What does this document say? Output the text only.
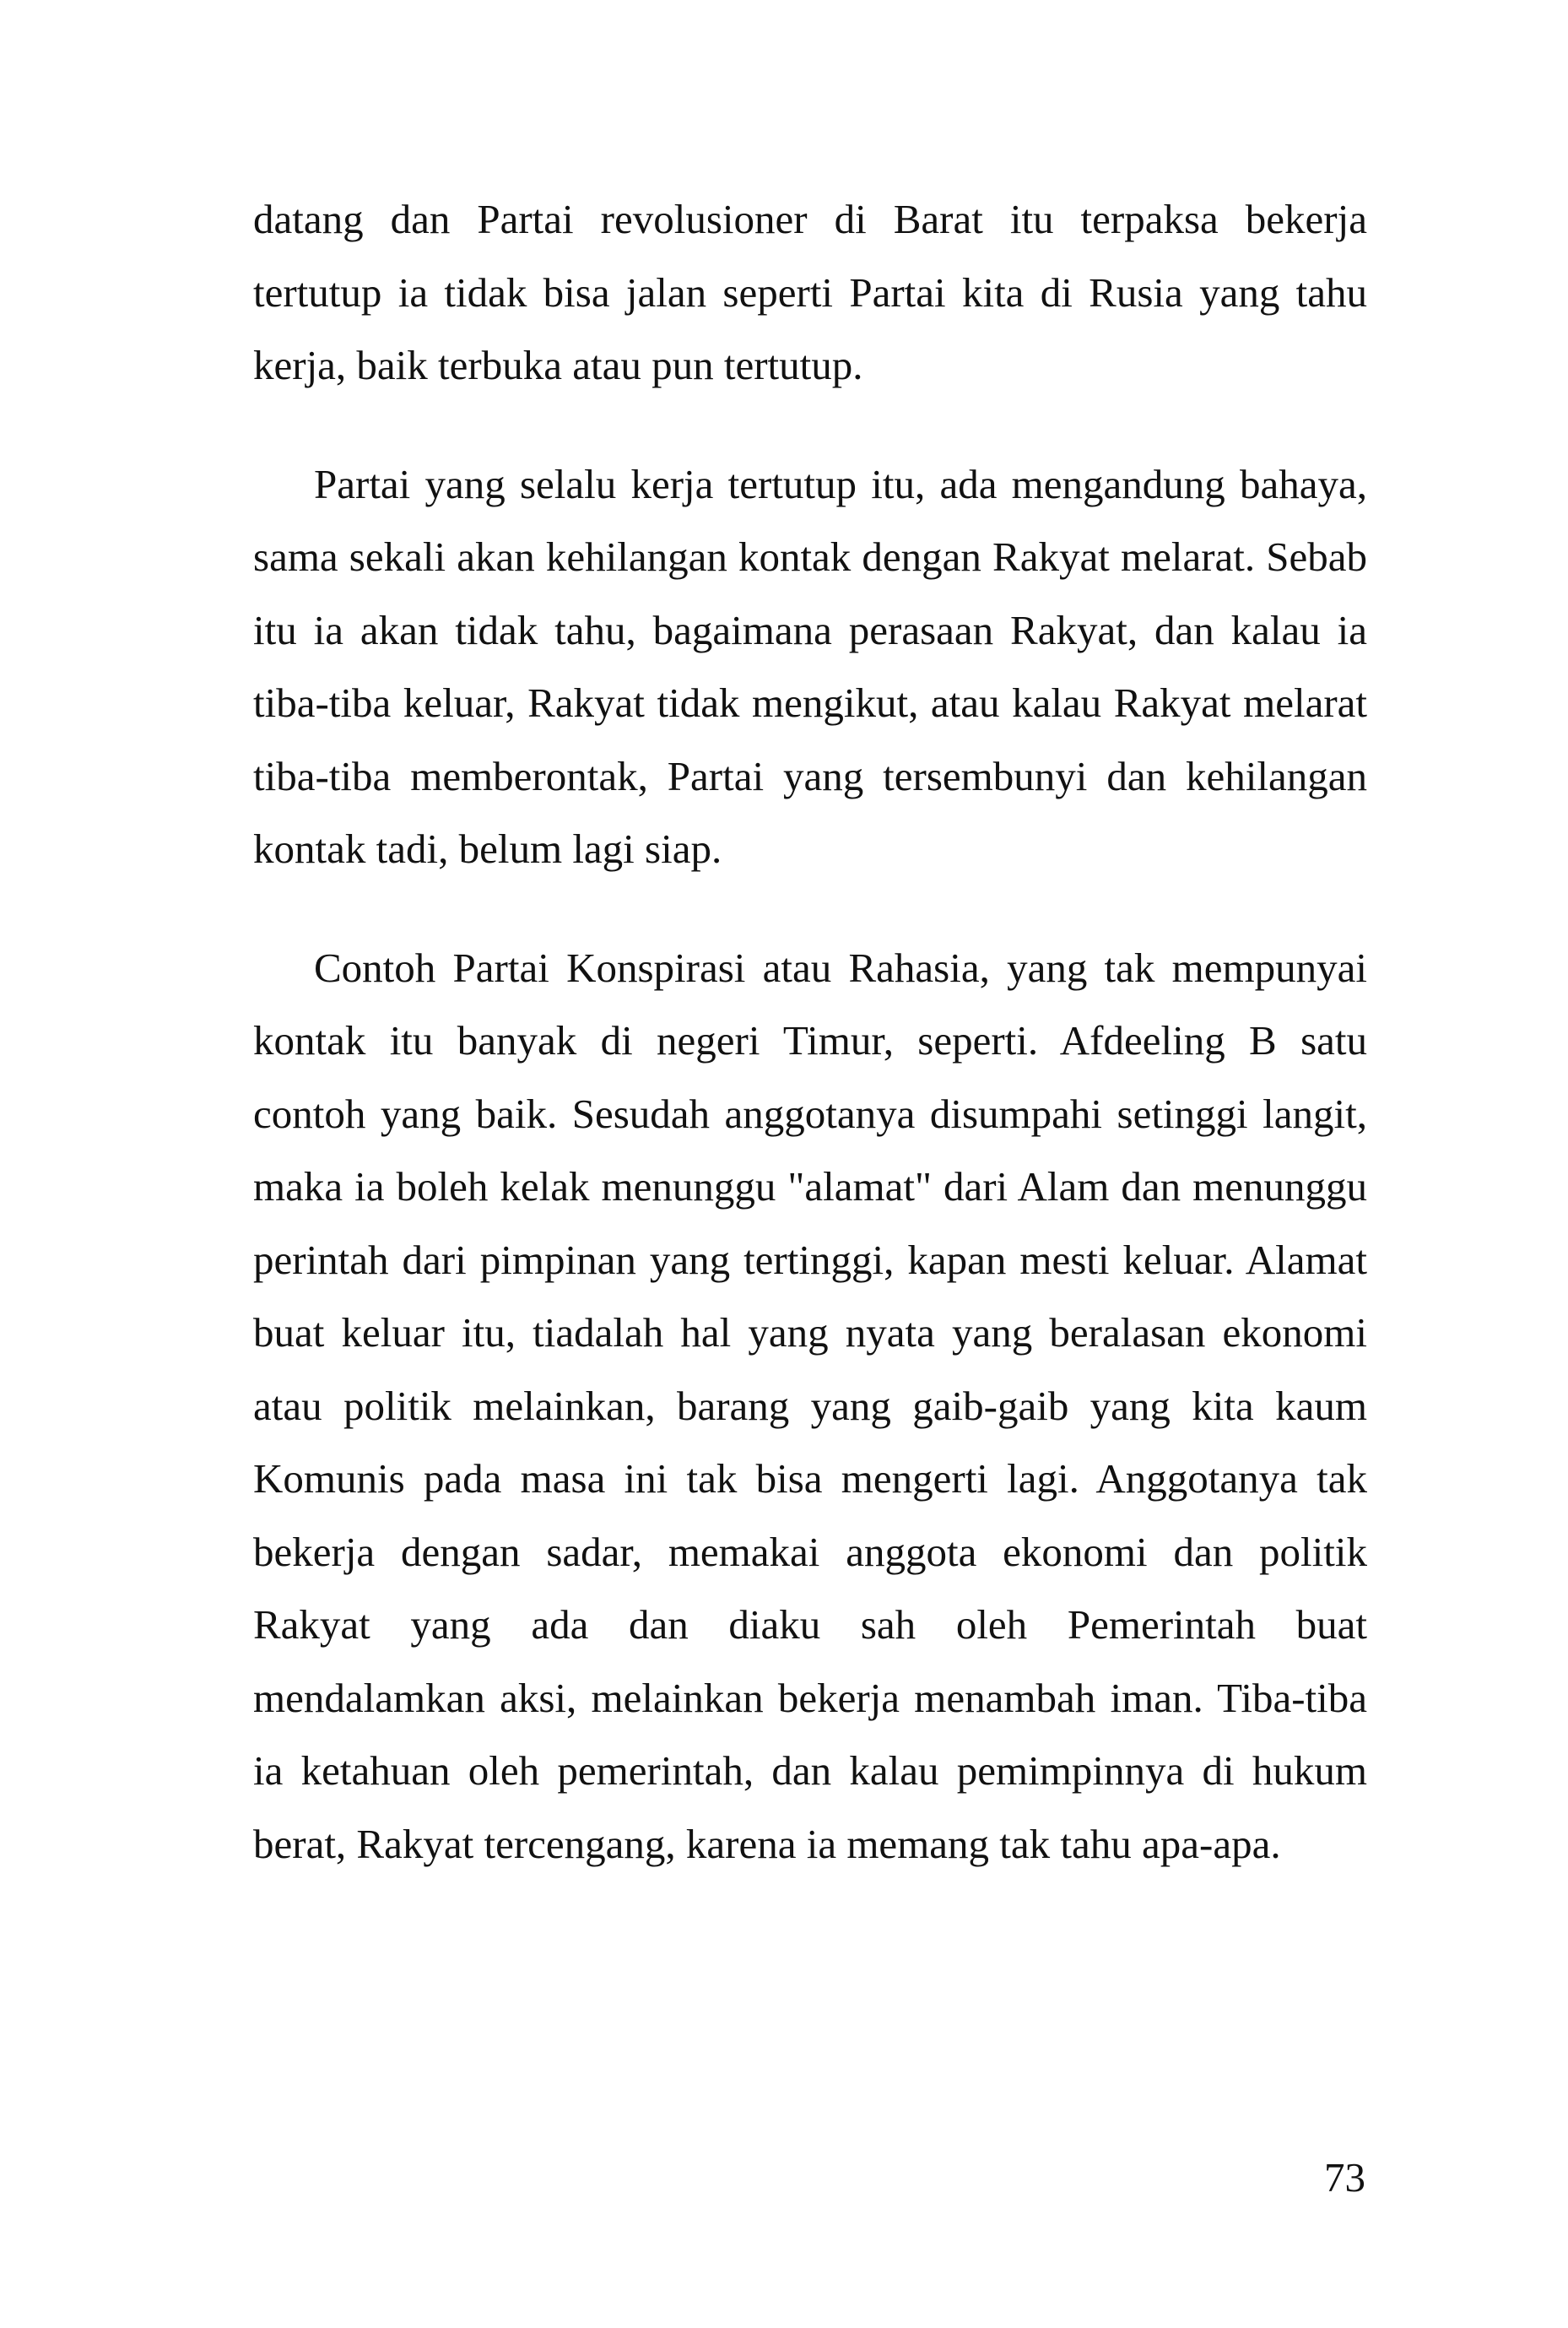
datang dan Partai revolusioner di Barat itu terpaksa bekerja tertutup ia tidak bisa jalan seperti Partai kita di Rusia yang tahu kerja, baik terbuka atau pun tertutup.

Partai yang selalu kerja tertutup itu, ada mengandung bahaya, sama sekali akan kehilangan kontak dengan Rakyat melarat. Sebab itu ia akan tidak tahu, bagaimana perasaan Rakyat, dan kalau ia tiba-tiba keluar, Rakyat tidak mengikut, atau kalau Rakyat melarat tiba-tiba memberontak, Partai yang tersembunyi dan kehilangan kontak tadi, belum lagi siap.

Contoh Partai Konspirasi atau Rahasia, yang tak mempunyai kontak itu banyak di negeri Timur, seperti. Afdeeling B satu contoh yang baik. Sesudah anggotanya disumpahi setinggi langit, maka ia boleh kelak menunggu "alamat" dari Alam dan menunggu perintah dari pimpinan yang tertinggi, kapan mesti keluar. Alamat buat keluar itu, tiadalah hal yang nyata yang beralasan ekonomi atau politik melainkan, barang yang gaib-gaib yang kita kaum Komunis pada masa ini tak bisa mengerti lagi. Anggotanya tak bekerja dengan sadar, memakai anggota ekonomi dan politik Rakyat yang ada dan diaku sah oleh Pemerintah buat mendalamkan aksi, melainkan bekerja menambah iman. Tiba-tiba ia ketahuan oleh pemerintah, dan kalau pemimpinnya di hukum berat, Rakyat tercengang, karena ia memang tak tahu apa-apa.

73
